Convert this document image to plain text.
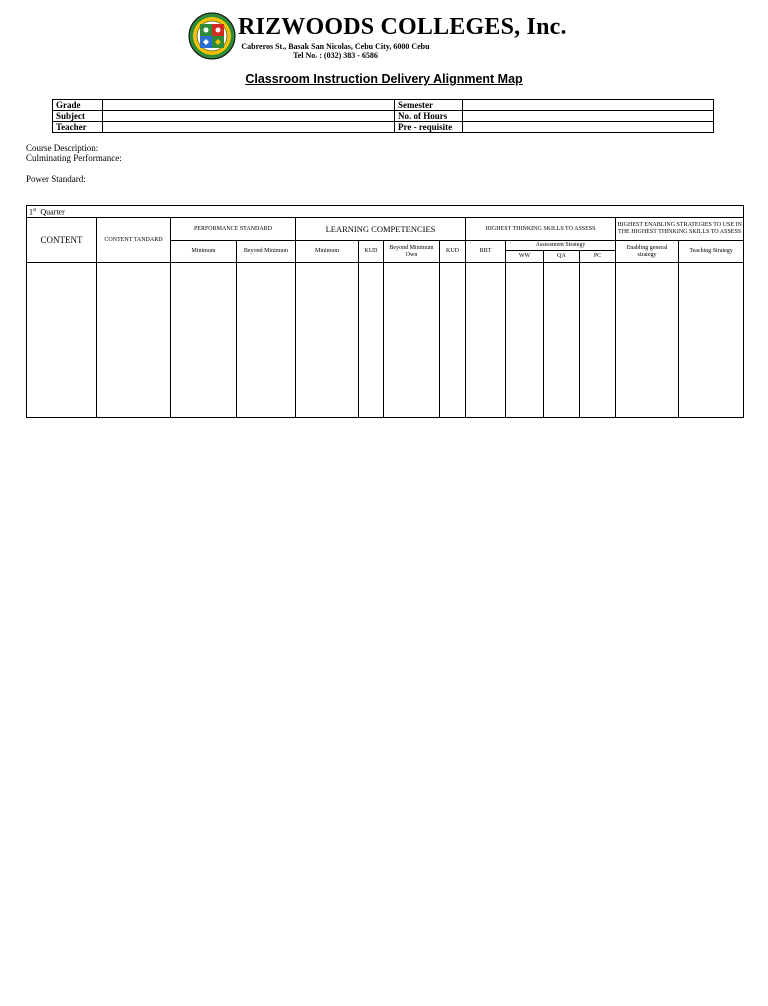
RIZWOODS COLLEGES, Inc.
Cabreros St., Basak San Nicolas, Cebu City, 6000 Cebu
Tel No. : (032) 383 - 6586
Classroom Instruction Delivery Alignment Map
Grade		Semester	
Subject		No. of Hours	
Teacher		Pre - requisite	
Course Description:
Culminating Performance:
Power Standard:
1st Quarter													
CONTENT	CONTENT TANDARD	PERFORMANCE STANDARD		LEARNING COMPETENCIES				HIGHEST THINKING SKILLS TO ASSESS				HIGHEST ENABLING STRATEGIES TO USE IN THE HIGHEST THINKING SKILLS TO ASSESS	
		Minimum	Beyond Minimum	Minimum	KUD	Beyond Minimum Own	KUD	RBT	Assessment Strategy			Enabling general strategy	Teaching Strategy
									WW	QA	PC		
